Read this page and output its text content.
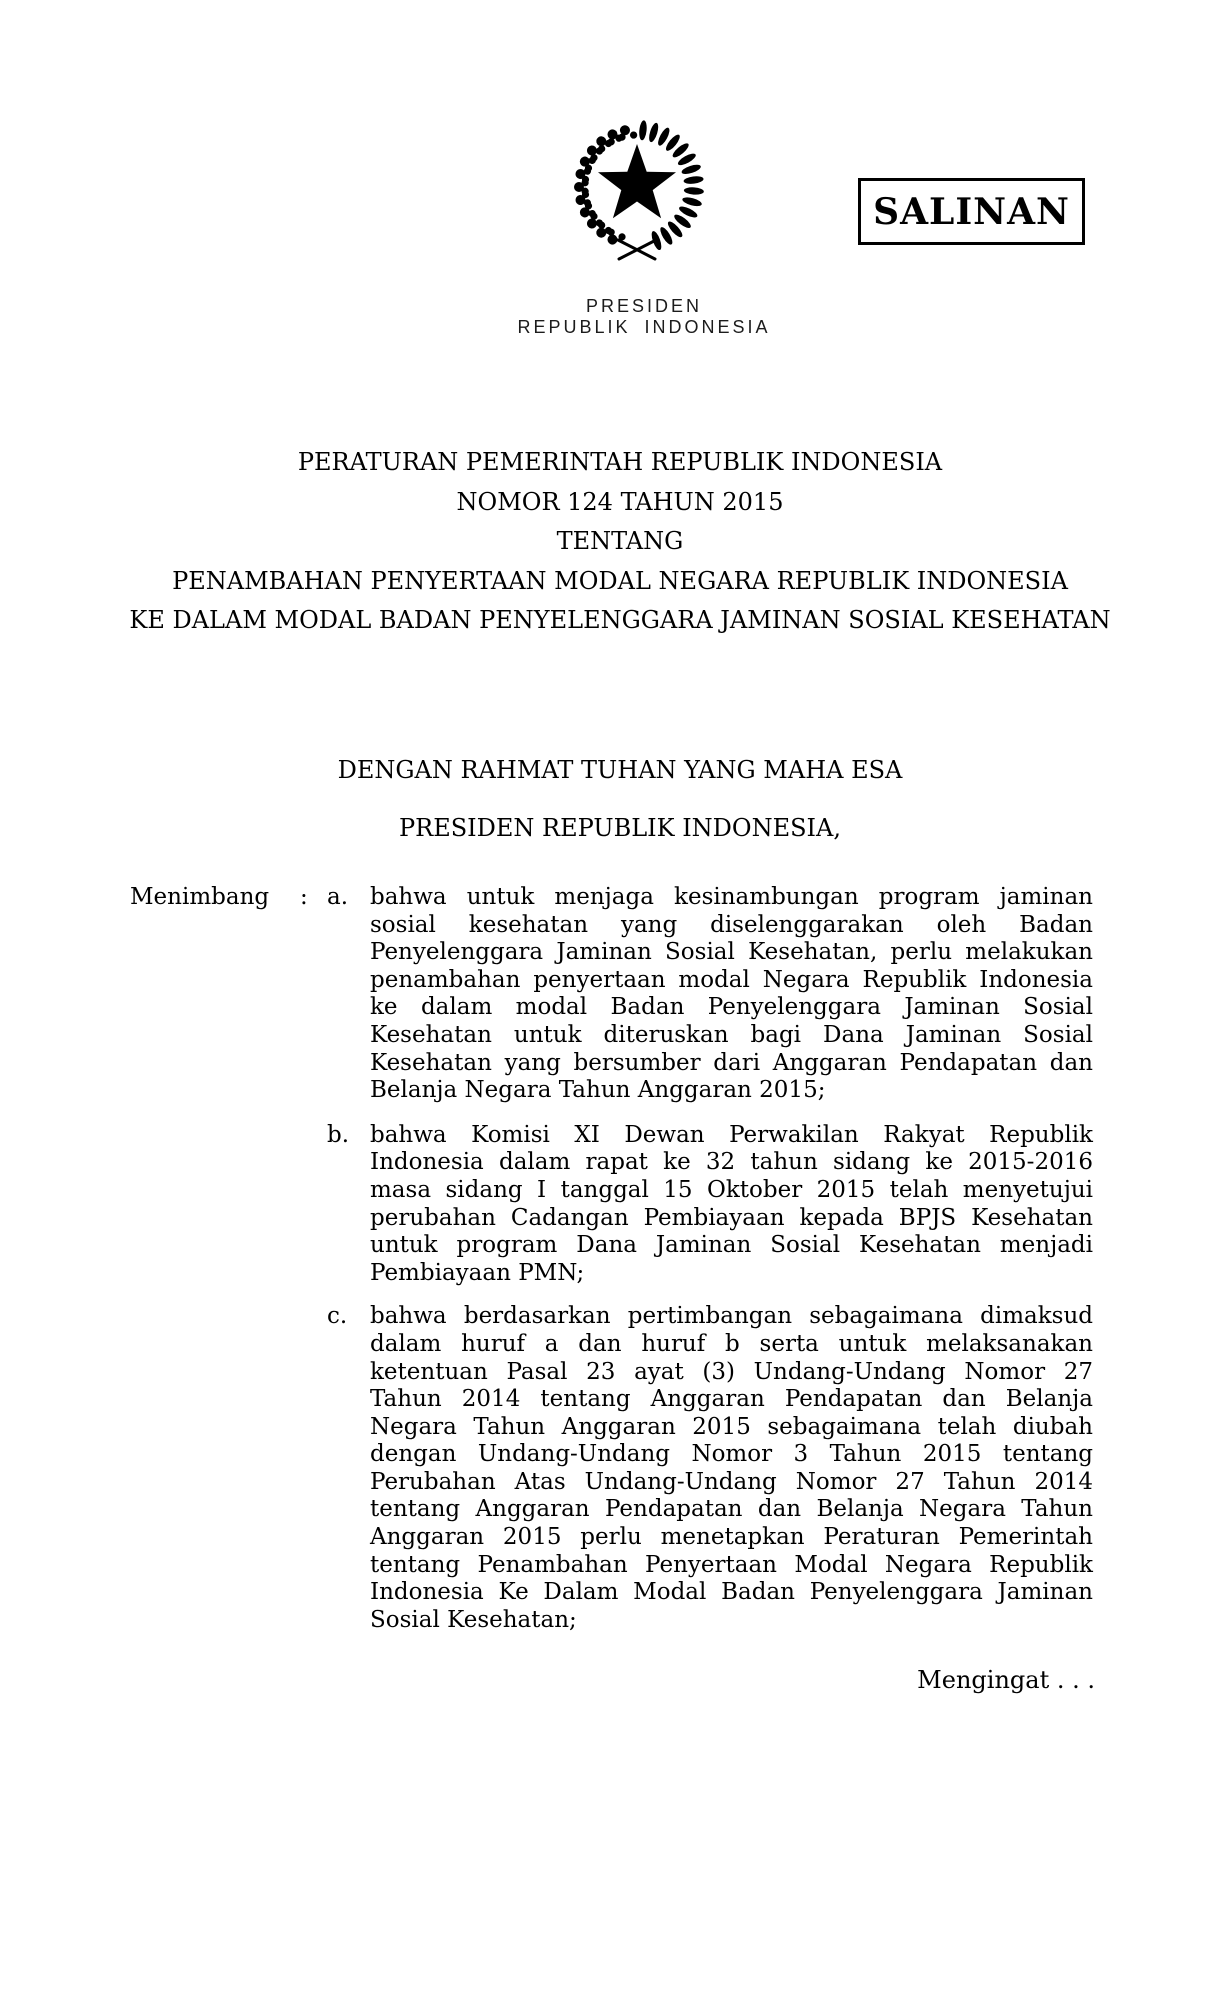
SALINAN
PRESIDEN
REPUBLIK INDONESIA
PERATURAN PEMERINTAH REPUBLIK INDONESIA
NOMOR 124 TAHUN 2015
TENTANG
PENAMBAHAN PENYERTAAN MODAL NEGARA REPUBLIK INDONESIA
KE DALAM MODAL BADAN PENYELENGGARA JAMINAN SOSIAL KESEHATAN
DENGAN RAHMAT TUHAN YANG MAHA ESA
PRESIDEN REPUBLIK INDONESIA,
Menimbang	: a. bahwa untuk menjaga kesinambungan program jaminan
sosial kesehatan yang diselenggarakan oleh Badan
Penyelenggara Jaminan Sosial Kesehatan, perlu melakukan
penambahan penyertaan modal Negara Republik Indonesia
ke dalam modal Badan Penyelenggara Jaminan Sosial
Kesehatan untuk diteruskan bagi Dana Jaminan Sosial
Kesehatan yang bersumber dari Anggaran Pendapatan dan
Belanja Negara Tahun Anggaran 2015;
b. bahwa Komisi XI Dewan Perwakilan Rakyat Republik
Indonesia dalam rapat ke 32 tahun sidang ke 2015-2016
masa sidang I tanggal 15 Oktober 2015 telah menyetujui
perubahan Cadangan Pembiayaan kepada BPJS Kesehatan
untuk program Dana Jaminan Sosial Kesehatan menjadi
Pembiayaan PMN;
c. bahwa berdasarkan pertimbangan sebagaimana dimaksud
dalam huruf a dan huruf b serta untuk melaksanakan
ketentuan Pasal 23 ayat (3) Undang-Undang Nomor 27
Tahun 2014 tentang Anggaran Pendapatan dan Belanja
Negara Tahun Anggaran 2015 sebagaimana telah diubah
dengan Undang-Undang Nomor 3 Tahun 2015 tentang
Perubahan Atas Undang-Undang Nomor 27 Tahun 2014
tentang Anggaran Pendapatan dan Belanja Negara Tahun
Anggaran 2015 perlu menetapkan Peraturan Pemerintah
tentang Penambahan Penyertaan Modal Negara Republik
Indonesia Ke Dalam Modal Badan Penyelenggara Jaminan
Sosial Kesehatan;
Mengingat . . .
